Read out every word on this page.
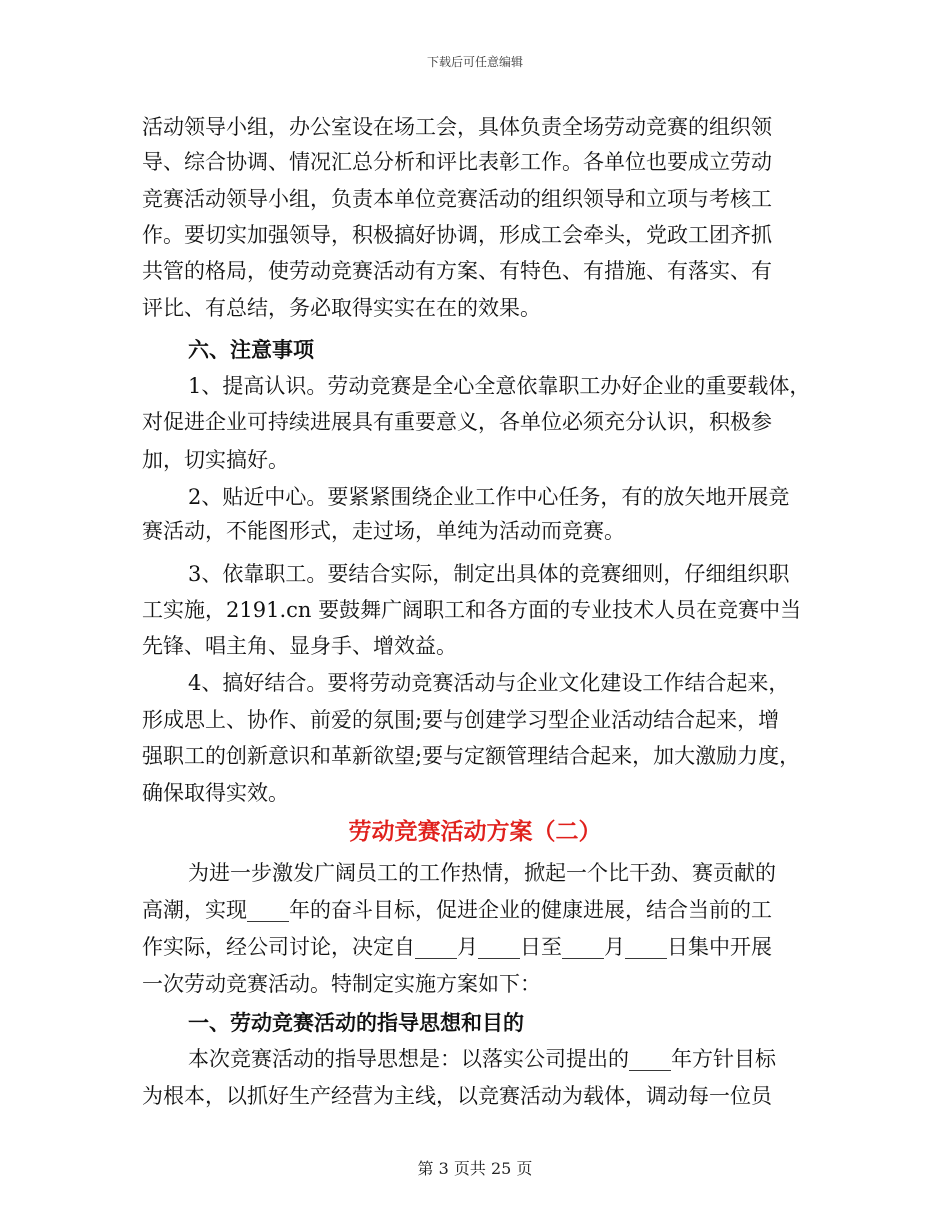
下载后可任意编辑
活动领导小组，办公室设在场工会，具体负责全场劳动竞赛的组织领
导、综合协调、情况汇总分析和评比表彰工作。各单位也要成立劳动
竞赛活动领导小组，负责本单位竞赛活动的组织领导和立项与考核工
作。要切实加强领导，积极搞好协调，形成工会牵头，党政工团齐抓
共管的格局，使劳动竞赛活动有方案、有特色、有措施、有落实、有
评比、有总结，务必取得实实在在的效果。
六、注意事项
1、提高认识。劳动竞赛是全心全意依靠职工办好企业的重要载体，
对促进企业可持续进展具有重要意义，各单位必须充分认识，积极参
加，切实搞好。
2、贴近中心。要紧紧围绕企业工作中心任务，有的放矢地开展竞
赛活动，不能图形式，走过场，单纯为活动而竞赛。
3、依靠职工。要结合实际，制定出具体的竞赛细则，仔细组织职
工实施，2191.cn 要鼓舞广阔职工和各方面的专业技术人员在竞赛中当
先锋、唱主角、显身手、增效益。
4、搞好结合。要将劳动竞赛活动与企业文化建设工作结合起来，
形成思上、协作、前爱的氛围;要与创建学习型企业活动结合起来，增
强职工的创新意识和革新欲望;要与定额管理结合起来，加大激励力度，
确保取得实效。
劳动竞赛活动方案（二）
为进一步激发广阔员工的工作热情，掀起一个比干劲、赛贡献的
高潮，实现____年的奋斗目标，促进企业的健康进展，结合当前的工
作实际，经公司讨论，决定自____月____日至____月____日集中开展
一次劳动竞赛活动。特制定实施方案如下：
一、劳动竞赛活动的指导思想和目的
本次竞赛活动的指导思想是：以落实公司提出的____年方针目标
为根本，以抓好生产经营为主线，以竞赛活动为载体，调动每一位员
第 3 页共 25 页
